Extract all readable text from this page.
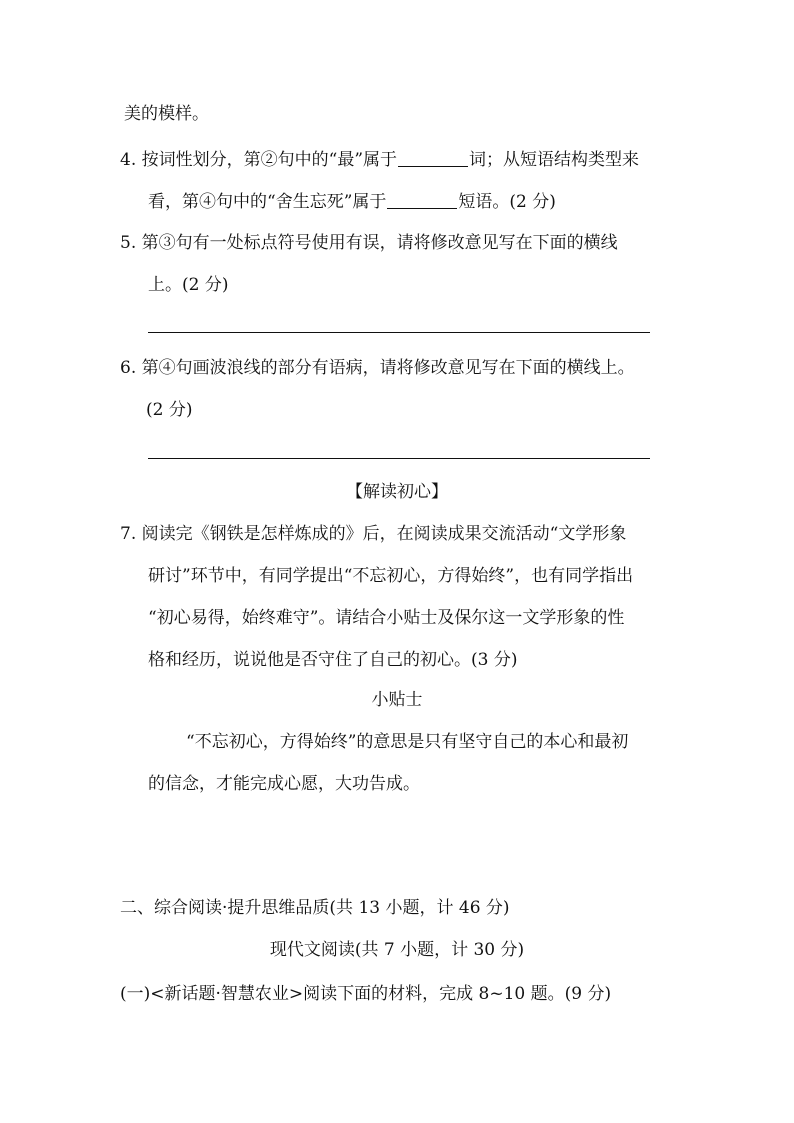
美的模样。
4. 按词性划分，第②句中的“最”属于	词；从短语结构类型来
看，第④句中的“舍生忘死”属于	短语。(2 分)
5. 第③句有一处标点符号使用有误，请将修改意见写在下面的横线
上。(2 分)
6. 第④句画波浪线的部分有语病，请将修改意见写在下面的横线上。
(2 分)
【解读初心】
7. 阅读完《钢铁是怎样炼成的》后，在阅读成果交流活动“文学形象
研讨”环节中，有同学提出“不忘初心，方得始终”，也有同学指出
“初心易得，始终难守”。请结合小贴士及保尔这一文学形象的性
格和经历，说说他是否守住了自己的初心。(3 分)
小贴士
“不忘初心，方得始终”的意思是只有坚守自己的本心和最初
的信念，才能完成心愿，大功告成。
二、综合阅读·提升思维品质(共 13 小题，计 46 分)
现代文阅读(共 7 小题，计 30 分)
(一)<新话题·智慧农业>阅读下面的材料，完成 8~10 题。(9 分)
